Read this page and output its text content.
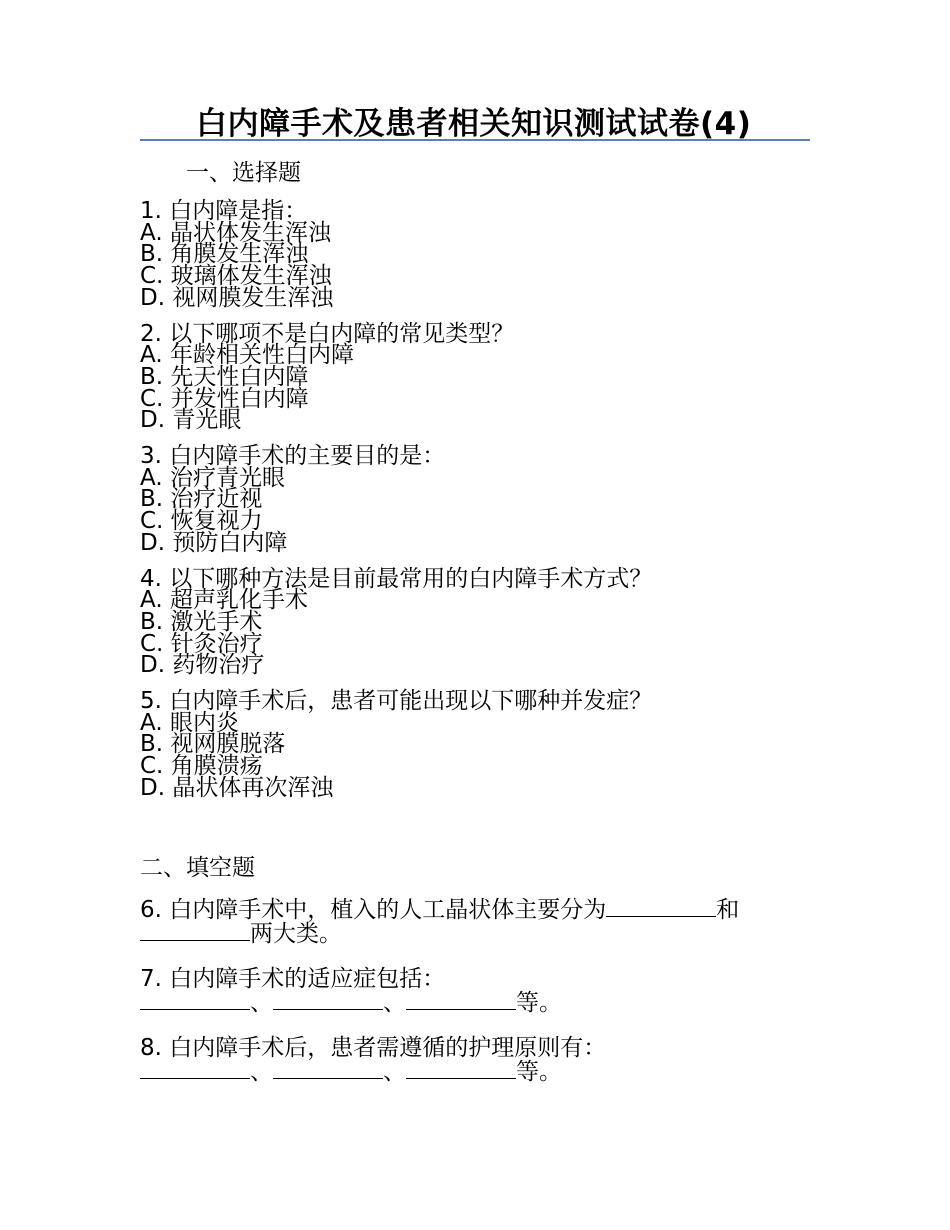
白内障手术及患者相关知识测试试卷(4)
一、选择题
1. 白内障是指：
A. 晶状体发生浑浊
B. 角膜发生浑浊
C. 玻璃体发生浑浊
D. 视网膜发生浑浊
2. 以下哪项不是白内障的常见类型？
A. 年龄相关性白内障
B. 先天性白内障
C. 并发性白内障
D. 青光眼
3. 白内障手术的主要目的是：
A. 治疗青光眼
B. 治疗近视
C. 恢复视力
D. 预防白内障
4. 以下哪种方法是目前最常用的白内障手术方式？
A. 超声乳化手术
B. 激光手术
C. 针灸治疗
D. 药物治疗
5. 白内障手术后，患者可能出现以下哪种并发症？
A. 眼内炎
B. 视网膜脱落
C. 角膜溃疡
D. 晶状体再次浑浊
二、填空题
6. 白内障手术中，植入的人工晶状体主要分为	和
两大类。
7. 白内障手术的适应症包括：
、	、	等。
8. 白内障手术后，患者需遵循的护理原则有：
、	、	等。
